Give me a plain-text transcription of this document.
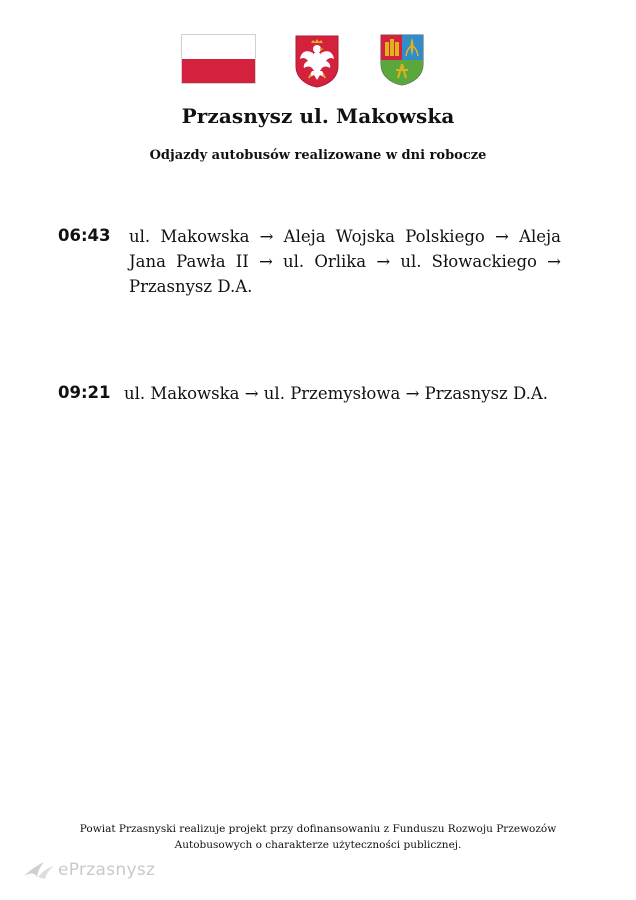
Przasnysz ul. Makowska
Odjazdy autobusów realizowane w dni robocze
06:43 ul. Makowska → Aleja Wojska Polskiego → Aleja Jana Pawła II → ul. Orlika → ul. Słowackiego → Przasnysz D.A.
09:21 ul. Makowska → ul. Przemysłowa → Przasnysz D.A.
Powiat Przasnyski realizuje projekt przy dofinansowaniu z Funduszu Rozwoju Przewozów
Autobusowych o charakterze użyteczności publicznej.
ePrzasnysz
